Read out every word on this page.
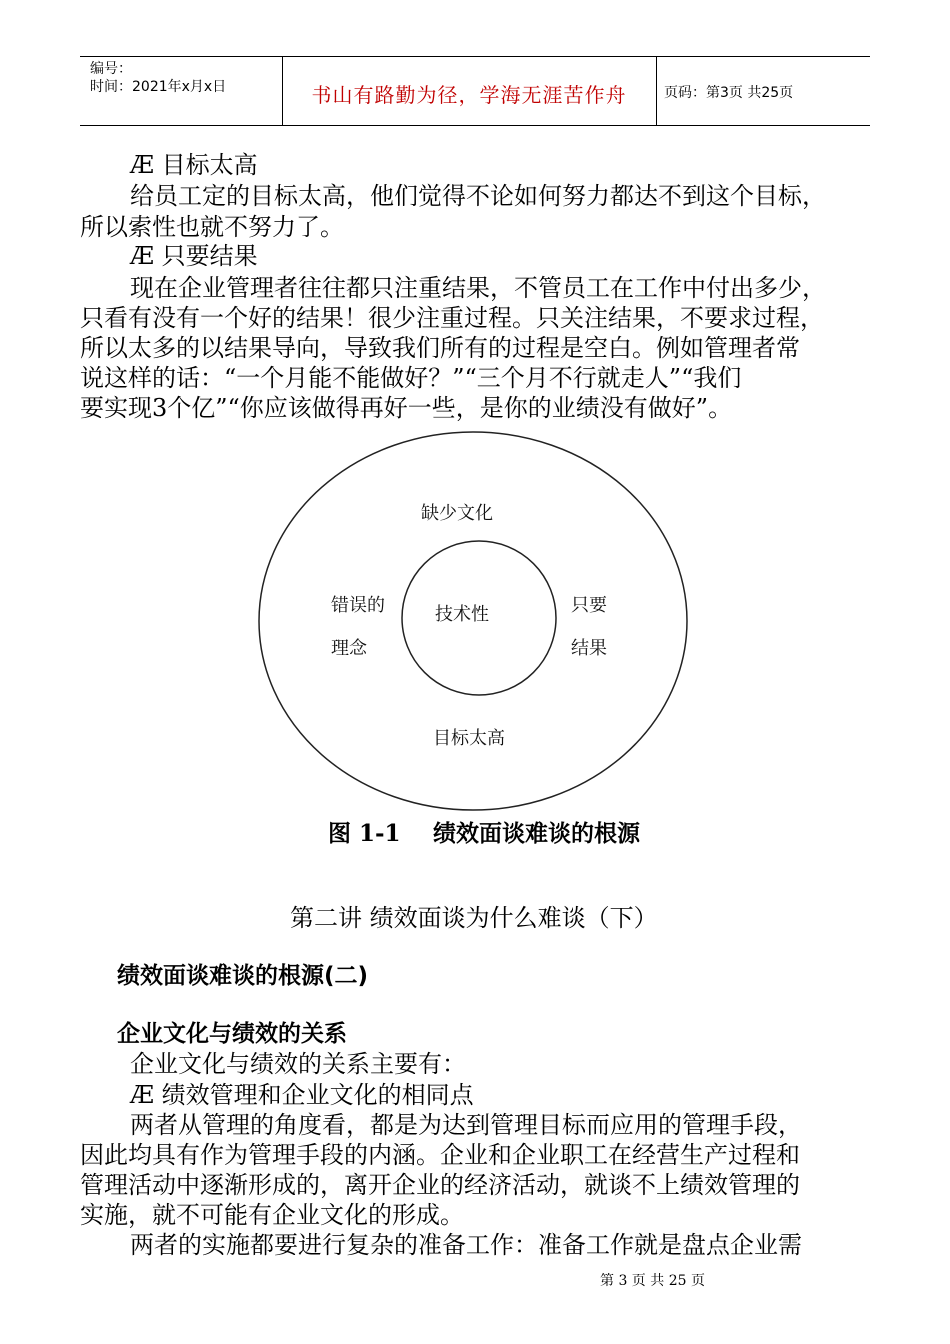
编号：
时间：2021年x月x日	书山有路勤为径，学海无涯苦作舟	页码：第3页 共25页
Æ 目标太高
给员工定的目标太高，他们觉得不论如何努力都达不到这个目标，
所以索性也就不努力了。
Æ 只要结果
现在企业管理者往往都只注重结果，不管员工在工作中付出多少，
只看有没有一个好的结果！很少注重过程。只关注结果，不要求过程，
所以太多的以结果导向，导致我们所有的过程是空白。例如管理者常
说这样的话：“一个月能不能做好？”“三个月不行就走人”“我们
要实现3个亿”“你应该做得再好一些，是你的业绩没有做好”。
缺少文化
错误的
理念
技术性	只要
结果
目标太高
图 1-1 绩效面谈难谈的根源
第二讲 绩效面谈为什么难谈（下）
绩效面谈难谈的根源(二)
企业文化与绩效的关系
企业文化与绩效的关系主要有：
Æ 绩效管理和企业文化的相同点
两者从管理的角度看，都是为达到管理目标而应用的管理手段，
因此均具有作为管理手段的内涵。企业和企业职工在经营生产过程和
管理活动中逐渐形成的，离开企业的经济活动，就谈不上绩效管理的
实施，就不可能有企业文化的形成。
两者的实施都要进行复杂的准备工作：准备工作就是盘点企业需
第 3 页 共 25 页
